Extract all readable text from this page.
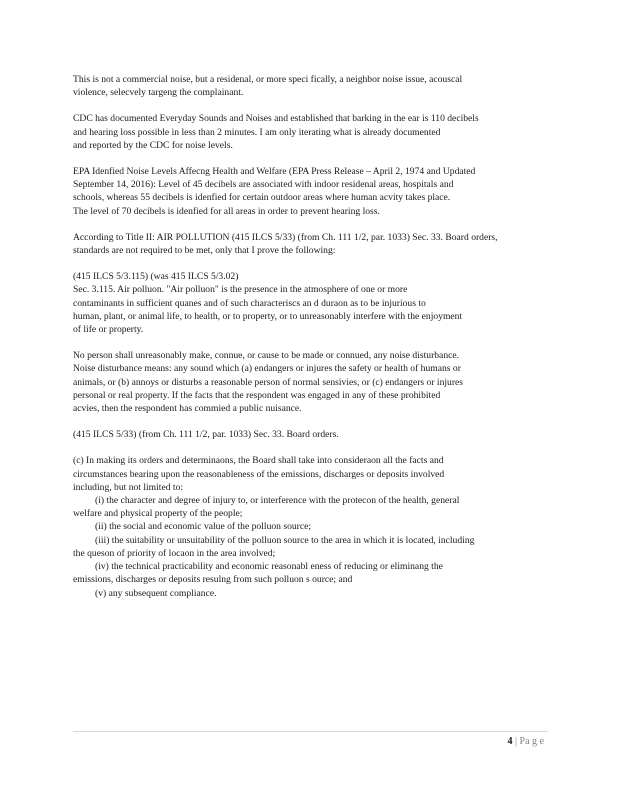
This is not a commercial noise, but a residenal, or more speci fically, a neighbor noise issue, acouscal
violence, selecvely targeng the complainant.
CDC has documented Everyday Sounds and Noises and established that barking in the ear is 110 decibels
and hearing loss possible in less than 2 minutes. I am only iterating what is already documented
and reported by the CDC for noise levels.
EPA Idenfied Noise Levels Affecng Health and Welfare (EPA Press Release – April 2, 1974 and Updated
September 14, 2016): Level of 45 decibels are associated with indoor residenal areas, hospitals and
schools, whereas 55 decibels is idenfied for certain outdoor areas where human acvity takes place.
The level of 70 decibels is idenfied for all areas in order to prevent hearing loss.
According to Title II: AIR POLLUTION (415 ILCS 5/33) (from Ch. 111 1/2, par. 1033) Sec. 33. Board orders,
standards are not required to be met, only that I prove the following:
(415 ILCS 5/3.115) (was 415 ILCS 5/3.02)
Sec. 3.115. Air polluon. "Air polluon" is the presence in the atmosphere of one or more
contaminants in sufficient quanes and of such characteriscs an d duraon as to be injurious to
human, plant, or animal life, to health, or to property, or to unreasonably interfere with the enjoyment
of life or property.
No person shall unreasonably make, connue, or cause to be made or connued, any noise disturbance.
Noise disturbance means: any sound which (a) endangers or injures the safety or health of humans or
animals, or (b) annoys or disturbs a reasonable person of normal sensivies, or (c) endangers or injures
personal or real property. If the facts that the respondent was engaged in any of these prohibited
acvies, then the respondent has commied a public nuisance.
(415 ILCS 5/33) (from Ch. 111 1/2, par. 1033) Sec. 33. Board orders.
(c) In making its orders and determinaons, the Board shall take into consideraon all the facts and
circumstances bearing upon the reasonableness of the emissions, discharges or deposits involved
including, but not limited to:
(i) the character and degree of injury to, or interference with the protecon of the health, general
welfare and physical property of the people;
(ii) the social and economic value of the polluon source;
(iii) the suitability or unsuitability of the polluon source to the area in which it is located, including
the queson of priority of locaon in the area involved;
(iv) the technical practicability and economic reasonabl eness of reducing or eliminang the
emissions, discharges or deposits resulng from such polluon s ource; and
(v) any subsequent compliance.
4 | Pa g e
